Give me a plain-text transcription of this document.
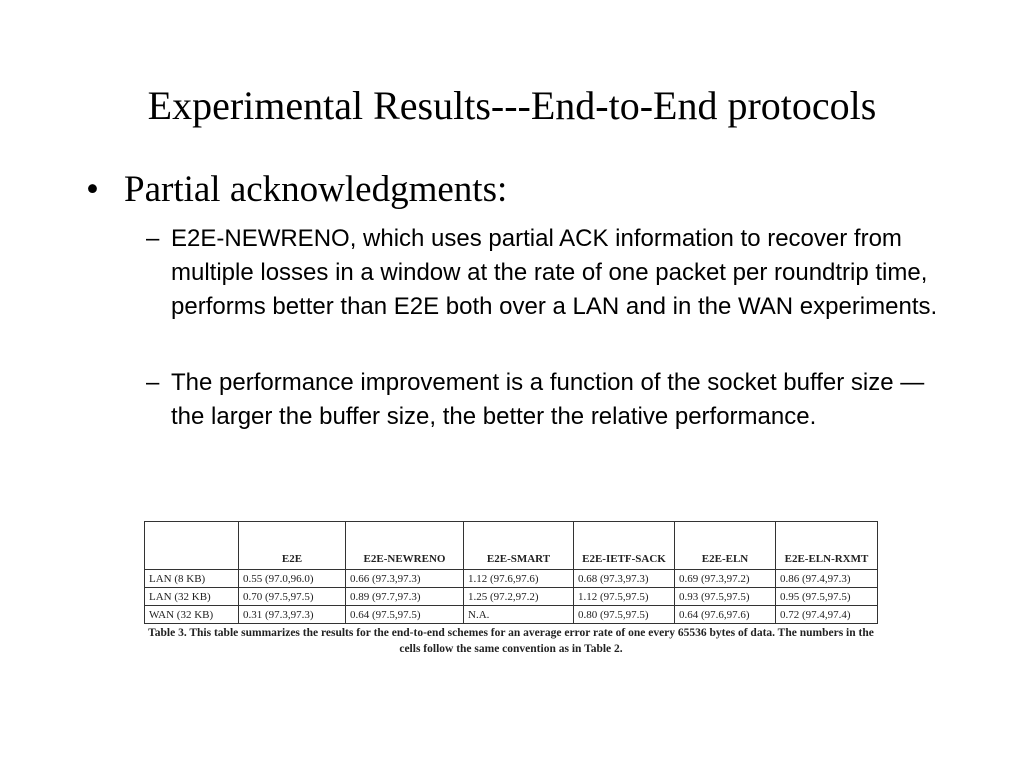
Experimental Results---End-to-End protocols
• Partial acknowledgments:
– E2E-NEWRENO, which uses partial ACK information to recover from multiple losses in a window at the rate of one packet per roundtrip time, performs better than E2E both over a LAN and in the WAN experiments.
– The performance improvement is a function of the socket buffer size — the larger the buffer size, the better the relative performance.
	E2E	E2E-NEWRENO	E2E-SMART	E2E-IETF-SACK	E2E-ELN	E2E-ELN-RXMT
LAN (8 KB)	0.55 (97.0,96.0)	0.66 (97.3,97.3)	1.12 (97.6,97.6)	0.68 (97.3,97.3)	0.69 (97.3,97.2)	0.86 (97.4,97.3)
LAN (32 KB)	0.70 (97.5,97.5)	0.89 (97.7,97.3)	1.25 (97.2,97.2)	1.12 (97.5,97.5)	0.93 (97.5,97.5)	0.95 (97.5,97.5)
WAN (32 KB)	0.31 (97.3,97.3)	0.64 (97.5,97.5)	N.A.	0.80 (97.5,97.5)	0.64 (97.6,97.6)	0.72 (97.4,97.4)
Table 3. This table summarizes the results for the end-to-end schemes for an average error rate of one every 65536 bytes of data. The numbers in the cells follow the same convention as in Table 2.
